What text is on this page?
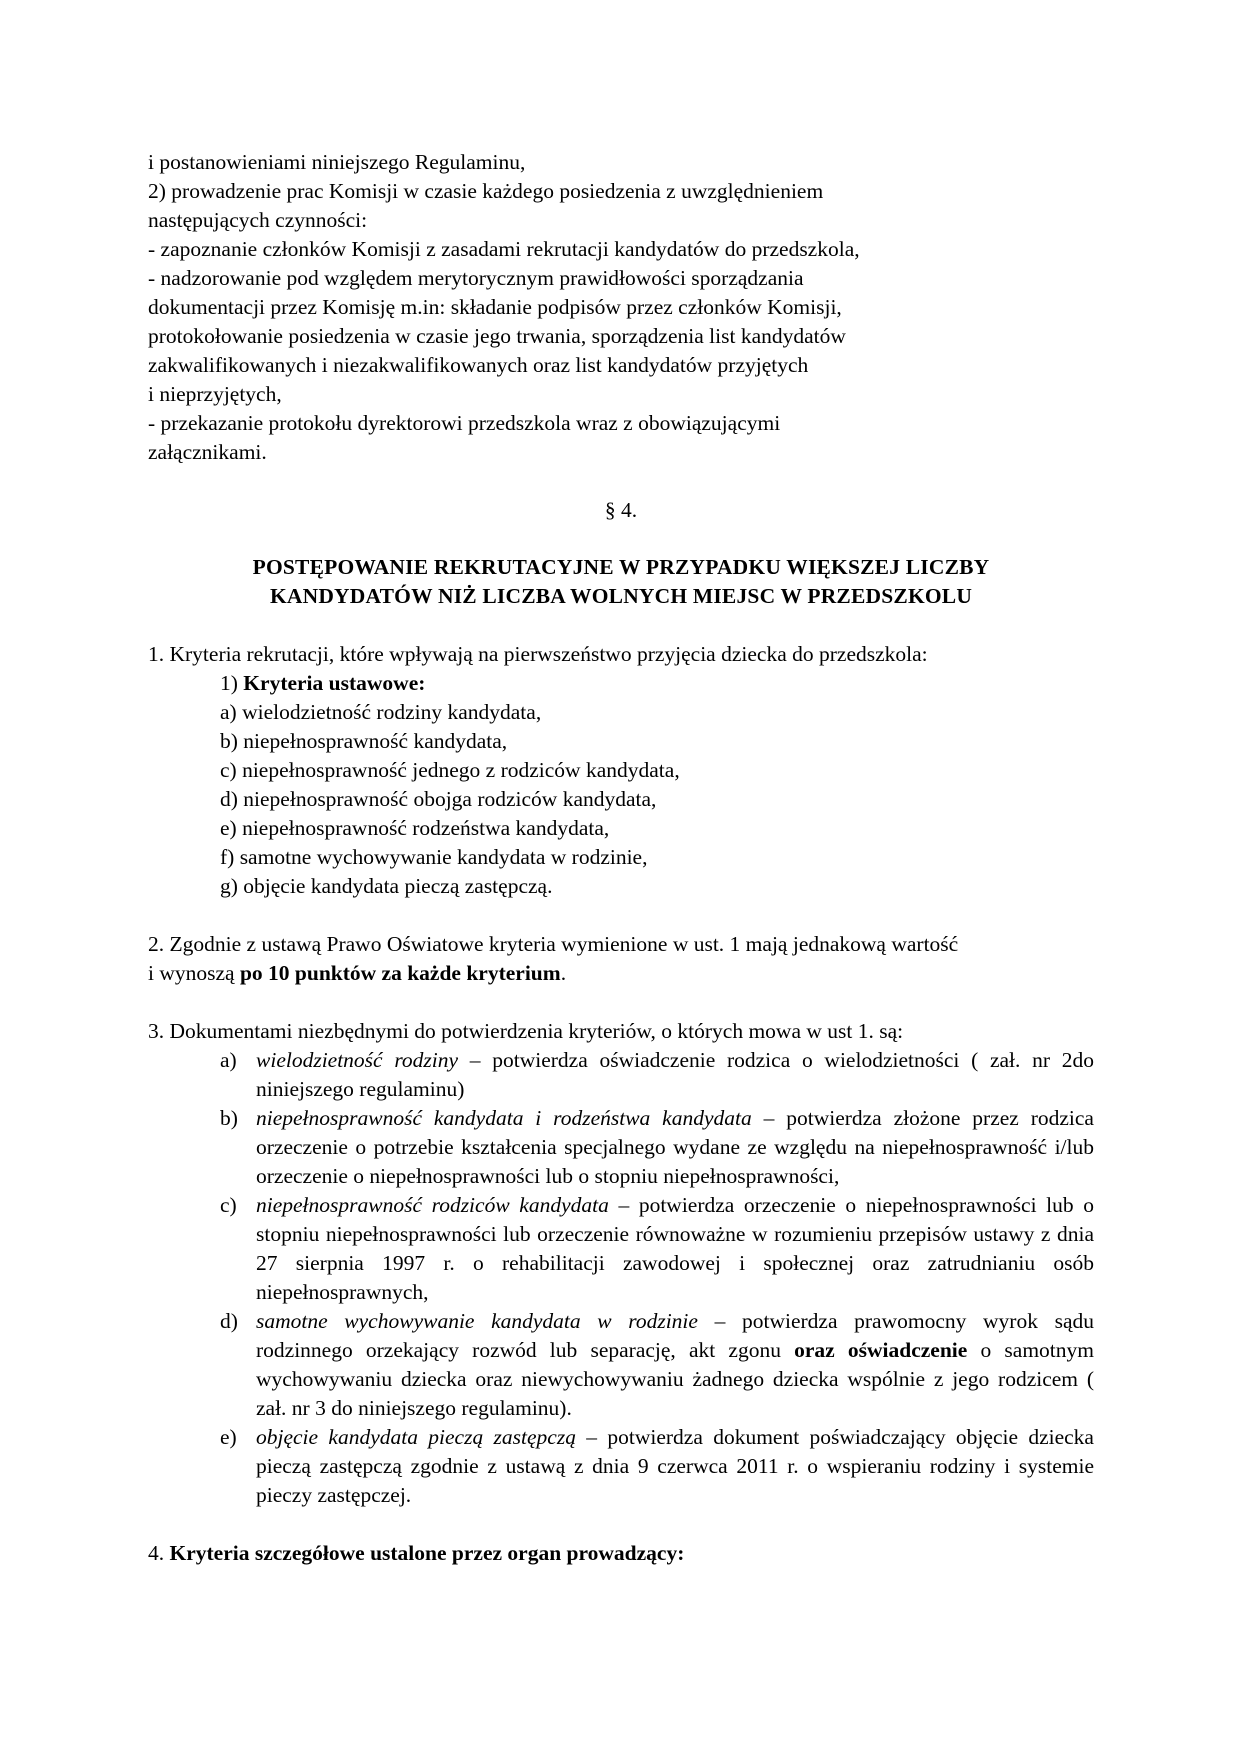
i postanowieniami niniejszego Regulaminu,

2) prowadzenie prac Komisji w czasie każdego posiedzenia z uwzględnieniem

następujących czynności:

- zapoznanie członków Komisji z zasadami rekrutacji kandydatów do przedszkola,

- nadzorowanie pod względem merytorycznym prawidłowości sporządzania

dokumentacji przez Komisję m.in: składanie podpisów przez członków Komisji,

protokołowanie posiedzenia w czasie jego trwania, sporządzenia list kandydatów

zakwalifikowanych i niezakwalifikowanych oraz list kandydatów przyjętych

i nieprzyjętych,

- przekazanie protokołu dyrektorowi przedszkola wraz z obowiązującymi

załącznikami.

§ 4.

POSTĘPOWANIE REKRUTACYJNE W PRZYPADKU WIĘKSZEJ LICZBY

KANDYDATÓW NIŻ LICZBA WOLNYCH MIEJSC W PRZEDSZKOLU

1. Kryteria rekrutacji, które wpływają na pierwszeństwo przyjęcia dziecka do przedszkola:

1) Kryteria ustawowe:

a) wielodzietność rodziny kandydata,

b) niepełnosprawność kandydata,

c) niepełnosprawność jednego z rodziców kandydata,

d) niepełnosprawność obojga rodziców kandydata,

e) niepełnosprawność rodzeństwa kandydata,

f) samotne wychowywanie kandydata w rodzinie,

g) objęcie kandydata pieczą zastępczą.

2. Zgodnie z ustawą Prawo Oświatowe kryteria wymienione w ust. 1 mają jednakową wartość

i wynoszą po 10 punktów za każde kryterium.

3. Dokumentami niezbędnymi do potwierdzenia kryteriów, o których mowa w ust 1. są:

a) wielodzietność rodziny – potwierdza oświadczenie rodzica o wielodzietności ( zał. nr 2do niniejszego regulaminu)
b) niepełnosprawność kandydata i rodzeństwa kandydata – potwierdza złożone przez rodzica orzeczenie o potrzebie kształcenia specjalnego wydane ze względu na niepełnosprawność i/lub orzeczenie o niepełnosprawności lub o stopniu niepełnosprawności,
c) niepełnosprawność rodziców kandydata – potwierdza orzeczenie o niepełnosprawności lub o stopniu niepełnosprawności lub orzeczenie równoważne w rozumieniu przepisów ustawy z dnia 27 sierpnia 1997 r. o rehabilitacji zawodowej i społecznej oraz zatrudnianiu osób niepełnosprawnych,
d) samotne wychowywanie kandydata w rodzinie – potwierdza prawomocny wyrok sądu rodzinnego orzekający rozwód lub separację, akt zgonu oraz oświadczenie o samotnym wychowywaniu dziecka oraz niewychowywaniu żadnego dziecka wspólnie z jego rodzicem ( zał. nr 3 do niniejszego regulaminu).
e) objęcie kandydata pieczą zastępczą – potwierdza dokument poświadczający objęcie dziecka pieczą zastępczą zgodnie z ustawą z dnia 9 czerwca 2011 r. o wspieraniu rodziny i systemie pieczy zastępczej.

4. Kryteria szczegółowe ustalone przez organ prowadzący:
